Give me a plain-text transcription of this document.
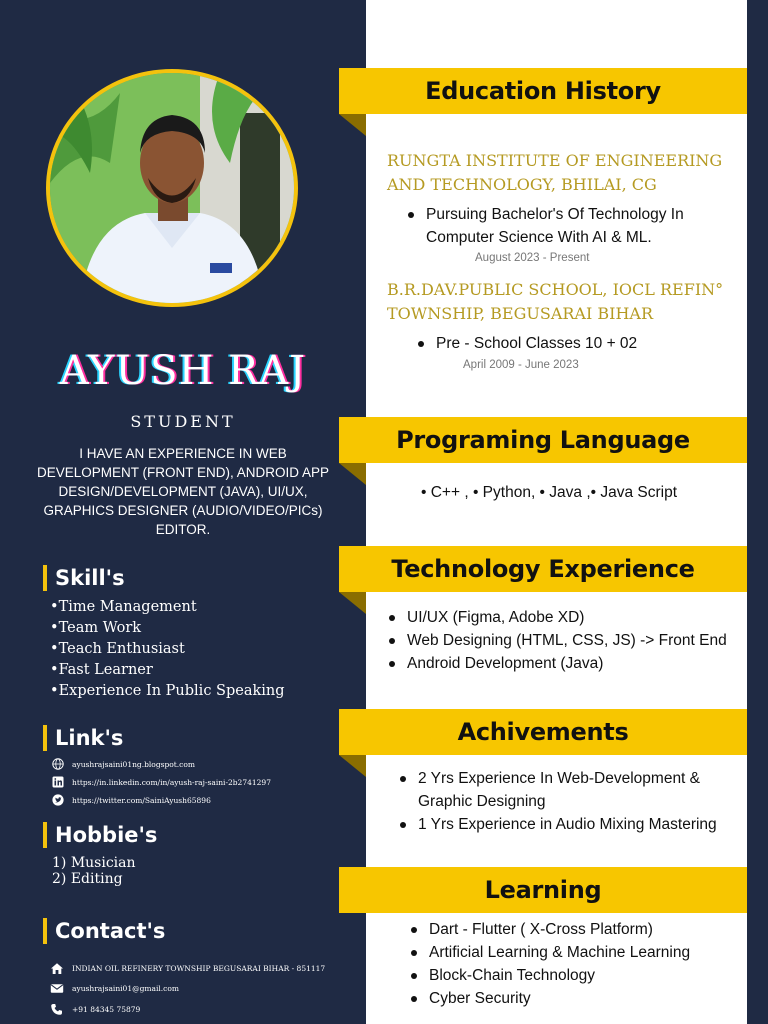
AYUSH RAJ
STUDENT
I HAVE AN EXPERIENCE IN WEB DEVELOPMENT (FRONT END), ANDROID APP DESIGN/DEVELOPMENT (JAVA), UI/UX, GRAPHICS DESIGNER (AUDIO/VIDEO/PICs) EDITOR.
Skill's
• Time Management
• Team Work
• Teach Enthusiast
• Fast Learner
• Experience In Public Speaking
Link's
ayushrajsaini01ng.blogspot.com
https://in.linkedin.com/in/ayush-raj-saini-2b2741297
https://twitter.com/SainiAyush65896
Hobbie's
1) Musician
2) Editing
Contact's
INDIAN OIL REFINERY TOWNSHIP BEGUSARAI BIHAR - 851117
ayushrajsaini01@gmail.com
+91 84345 75879
Education History
RUNGTA INSTITUTE OF ENGINEERING AND TECHNOLOGY, BHILAI, CG
Pursuing Bachelor's Of Technology In Computer Science With AI & ML.
August 2023 - Present
B.R.DAV.PUBLIC SCHOOL, IOCL REFIN° TOWNSHIP, BEGUSARAI BIHAR
Pre - School Classes 10 + 02
April 2009 - June 2023
Programing Language
• C++ , • Python, • Java ,• Java Script
Technology Experience
UI/UX (Figma, Adobe XD)
Web Designing (HTML, CSS, JS) -> Front End
Android Development (Java)
Achivements
2 Yrs Experience In Web-Development & Graphic Designing
1 Yrs Experience in Audio Mixing Mastering
Learning
Dart - Flutter ( X-Cross Platform)
Artificial Learning & Machine Learning
Block-Chain Technology
Cyber Security
